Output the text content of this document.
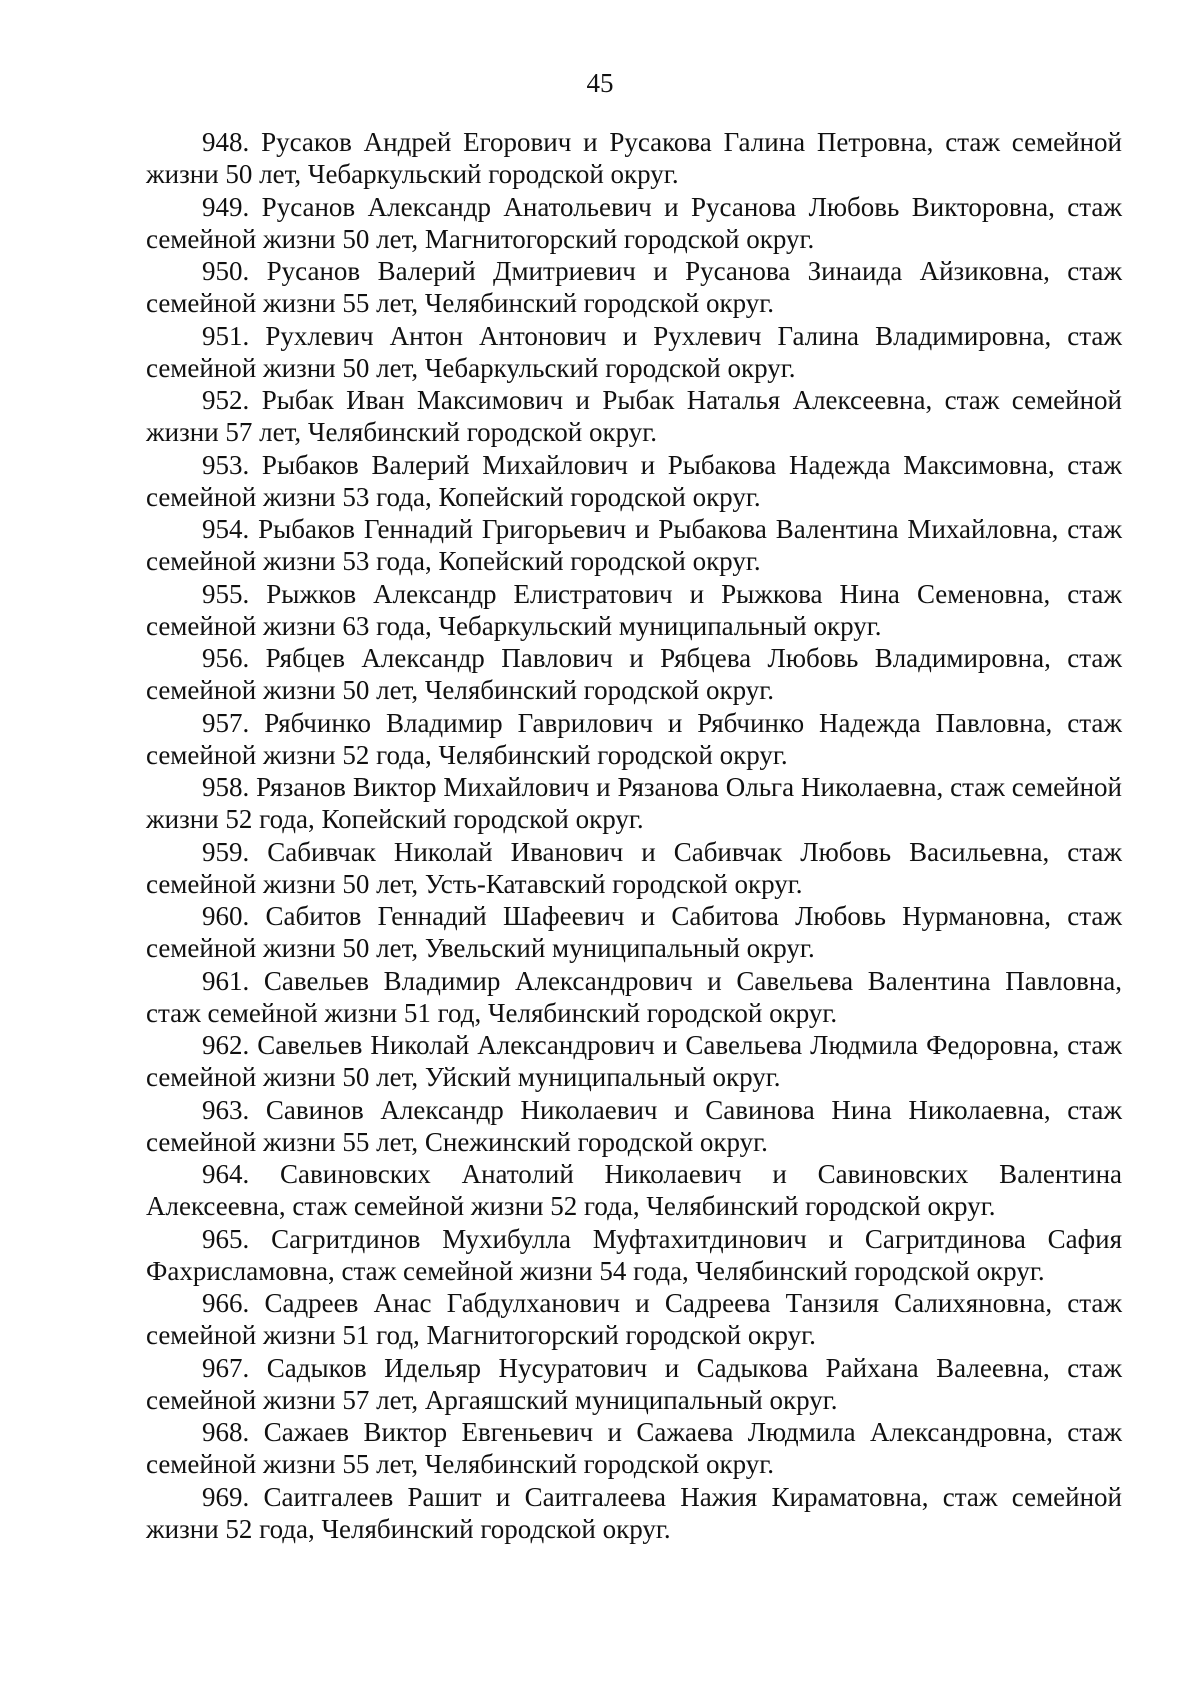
45

948. Русаков Андрей Егорович и Русакова Галина Петровна, стаж семейной жизни 50 лет, Чебаркульский городской округ.

949. Русанов Александр Анатольевич и Русанова Любовь Викторовна, стаж семейной жизни 50 лет, Магнитогорский городской округ.

950. Русанов Валерий Дмитриевич и Русанова Зинаида Айзиковна, стаж семейной жизни 55 лет, Челябинский городской округ.

951. Рухлевич Антон Антонович и Рухлевич Галина Владимировна, стаж семейной жизни 50 лет, Чебаркульский городской округ.

952. Рыбак Иван Максимович и Рыбак Наталья Алексеевна, стаж семейной жизни 57 лет, Челябинский городской округ.

953. Рыбаков Валерий Михайлович и Рыбакова Надежда Максимовна, стаж семейной жизни 53 года, Копейский городской округ.

954. Рыбаков Геннадий Григорьевич и Рыбакова Валентина Михайловна, стаж семейной жизни 53 года, Копейский городской округ.

955. Рыжков Александр Елистратович и Рыжкова Нина Семеновна, стаж семейной жизни 63 года, Чебаркульский муниципальный округ.

956. Рябцев Александр Павлович и Рябцева Любовь Владимировна, стаж семейной жизни 50 лет, Челябинский городской округ.

957. Рябчинко Владимир Гаврилович и Рябчинко Надежда Павловна, стаж семейной жизни 52 года, Челябинский городской округ.

958. Рязанов Виктор Михайлович и Рязанова Ольга Николаевна, стаж семейной жизни 52 года, Копейский городской округ.

959. Сабивчак Николай Иванович и Сабивчак Любовь Васильевна, стаж семейной жизни 50 лет, Усть-Катавский городской округ.

960. Сабитов Геннадий Шафеевич и Сабитова Любовь Нурмановна, стаж семейной жизни 50 лет, Увельский муниципальный округ.

961. Савельев Владимир Александрович и Савельева Валентина Павловна, стаж семейной жизни 51 год, Челябинский городской округ.

962. Савельев Николай Александрович и Савельева Людмила Федоровна, стаж семейной жизни 50 лет, Уйский муниципальный округ.

963. Савинов Александр Николаевич и Савинова Нина Николаевна, стаж семейной жизни 55 лет, Снежинский городской округ.

964. Савиновских Анатолий Николаевич и Савиновских Валентина Алексеевна, стаж семейной жизни 52 года, Челябинский городской округ.

965. Сагритдинов Мухибулла Муфтахитдинович и Сагритдинова Сафия Фахрисламовна, стаж семейной жизни 54 года, Челябинский городской округ.

966. Садреев Анас Габдулханович и Садреева Танзиля Салихяновна, стаж семейной жизни 51 год, Магнитогорский городской округ.

967. Садыков Идельяр Нусуратович и Садыкова Райхана Валеевна, стаж семейной жизни 57 лет, Аргаяшский муниципальный округ.

968. Сажаев Виктор Евгеньевич и Сажаева Людмила Александровна, стаж семейной жизни 55 лет, Челябинский городской округ.

969. Саитгалеев Рашит и Саитгалеева Нажия Кираматовна, стаж семейной жизни 52 года, Челябинский городской округ.
